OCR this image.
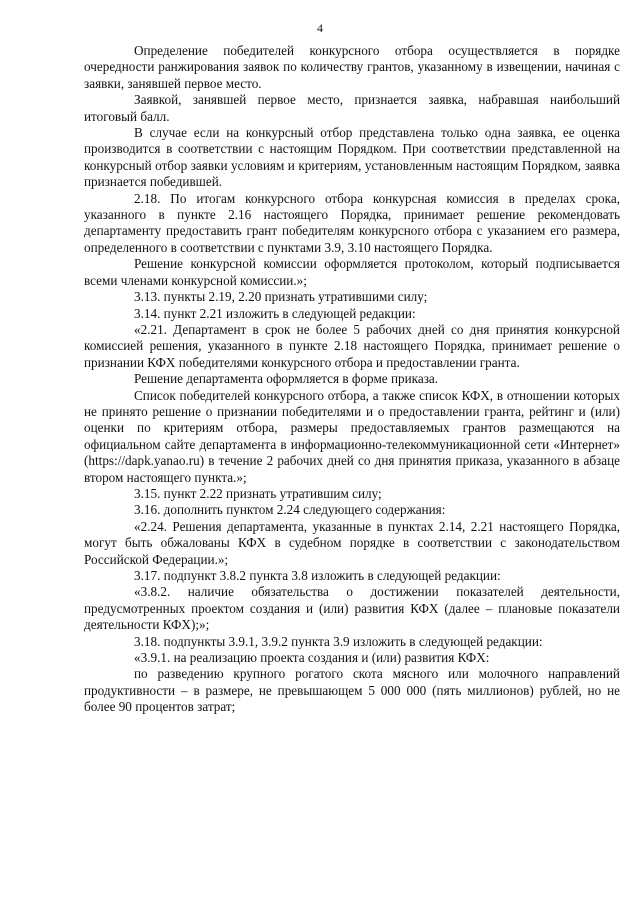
4

Определение победителей конкурсного отбора осуществляется в порядке очередности ранжирования заявок по количеству грантов, указанному в извещении, начиная с заявки, занявшей первое место.

Заявкой, занявшей первое место, признается заявка, набравшая наибольший итоговый балл.

В случае если на конкурсный отбор представлена только одна заявка, ее оценка производится в соответствии с настоящим Порядком. При соответствии представленной на конкурсный отбор заявки условиям и критериям, установленным настоящим Порядком, заявка признается победившей.

2.18. По итогам конкурсного отбора конкурсная комиссия в пределах срока, указанного в пункте 2.16 настоящего Порядка, принимает решение рекомендовать департаменту предоставить грант победителям конкурсного отбора с указанием его размера, определенного в соответствии с пунктами 3.9, 3.10 настоящего Порядка.

Решение конкурсной комиссии оформляется протоколом, который подписывается всеми членами конкурсной комиссии.»;

3.13. пункты 2.19, 2.20 признать утратившими силу;

3.14. пункт 2.21 изложить в следующей редакции:

«2.21. Департамент в срок не более 5 рабочих дней со дня принятия конкурсной комиссией решения, указанного в пункте 2.18 настоящего Порядка, принимает решение о признании КФХ победителями конкурсного отбора и предоставлении гранта.

Решение департамента оформляется в форме приказа.

Список победителей конкурсного отбора, а также список КФХ, в отношении которых не принято решение о признании победителями и о предоставлении гранта, рейтинг и (или) оценки по критериям отбора, размеры предоставляемых грантов размещаются на официальном сайте департамента в информационно-телекоммуникационной сети «Интернет» (https://dapk.yanao.ru) в течение 2 рабочих дней со дня принятия приказа, указанного в абзаце втором настоящего пункта.»;

3.15. пункт 2.22 признать утратившим силу;

3.16. дополнить пунктом 2.24 следующего содержания:

«2.24. Решения департамента, указанные в пунктах 2.14, 2.21 настоящего Порядка, могут быть обжалованы КФХ в судебном порядке в соответствии с законодательством Российской Федерации.»;

3.17. подпункт 3.8.2 пункта 3.8 изложить в следующей редакции:

«3.8.2. наличие обязательства о достижении показателей деятельности, предусмотренных проектом создания и (или) развития КФХ (далее – плановые показатели деятельности КФХ);»;

3.18. подпункты 3.9.1, 3.9.2 пункта 3.9 изложить в следующей редакции:

«3.9.1. на реализацию проекта создания и (или) развития КФХ:

по разведению крупного рогатого скота мясного или молочного направлений продуктивности – в размере, не превышающем 5 000 000 (пять миллионов) рублей, но не более 90 процентов затрат;
